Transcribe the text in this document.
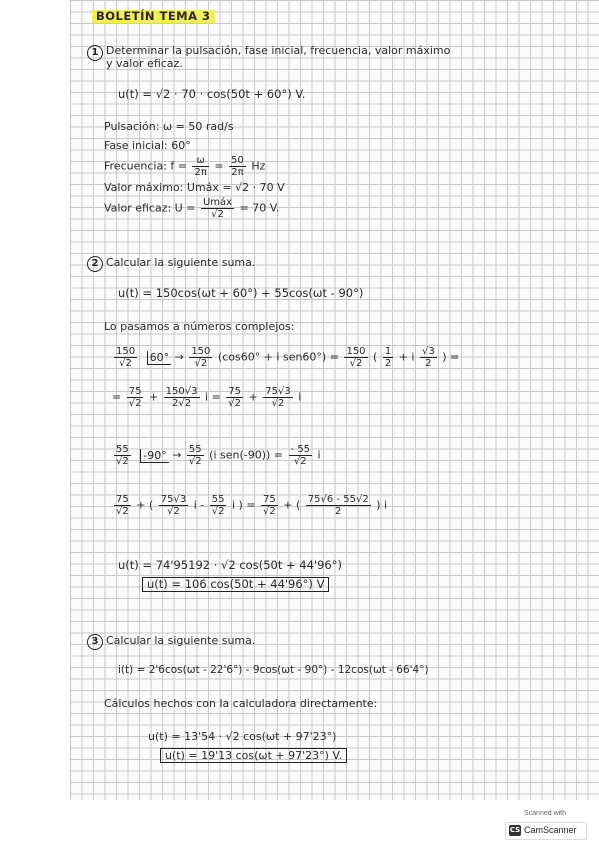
BOLETÍN TEMA 3
1 Determinar la pulsación, fase inicial, frecuencia, valor máximo
y valor eficaz.
u(t) = √2 · 70 · cos(50t + 60°) V.
Pulsación: ω = 50 rad/s
Fase inicial: 60°
Frecuencia: $f = \frac{\omega}{2\pi} = \frac{50}{2\pi}$ Hz
Valor máximo: Umáx = √2 · 70 V
Valor eficaz: $U = \frac{\text{Umáx}}{√2} = 70$ V.
2 Calcular la siguiente suma.
u(t) = 150cos(ωt + 60°) + 55cos(ωt - 90°)
Lo pasamos a números complejos:
$\frac{150}{√2} 60^\circ \to \frac{150}{√2} (\cos 60^\circ + i$ $sen60^\circ) = \frac{150}{√2}$ ( $\frac{1}{2} + i \frac{√3}{2}$ ) =
= $\frac{75}{√2} + \frac{150√3}{2√2}$ $i = \frac{75}{√2} + \frac{75√3}{√2}$ i
$\frac{55}{√2} -90^\circ \to \frac{55}{√2} (i$ $sen(-90)) = \frac{- 55}{√2}$ i
$\frac{75}{√2}$ + ( $\frac{75√3}{√2}$ i - $\frac{55}{√2}$ i ) = $\frac{75}{√2}$ + ( $\frac{75√6 - 55√2}{2}$ ) i
u(t) = 74'95192 · √2 cos(50t + 44'96°)
u(t) = 106 cos(50t + 44'96°) V
3 Calcular la siguiente suma.
i(t) = 2'6cos(ωt - 22'6°) - 9cos(ωt - 90°) - 12cos(ωt - 66'4°)
Cálculos hechos con la calculadora directamente:
u(t) = 13'54 · √2 cos(ωt + 97'23°)
u(t) = 19'13 cos(ωt + 97'23°) V.
Scanned with
CS CamScanner
